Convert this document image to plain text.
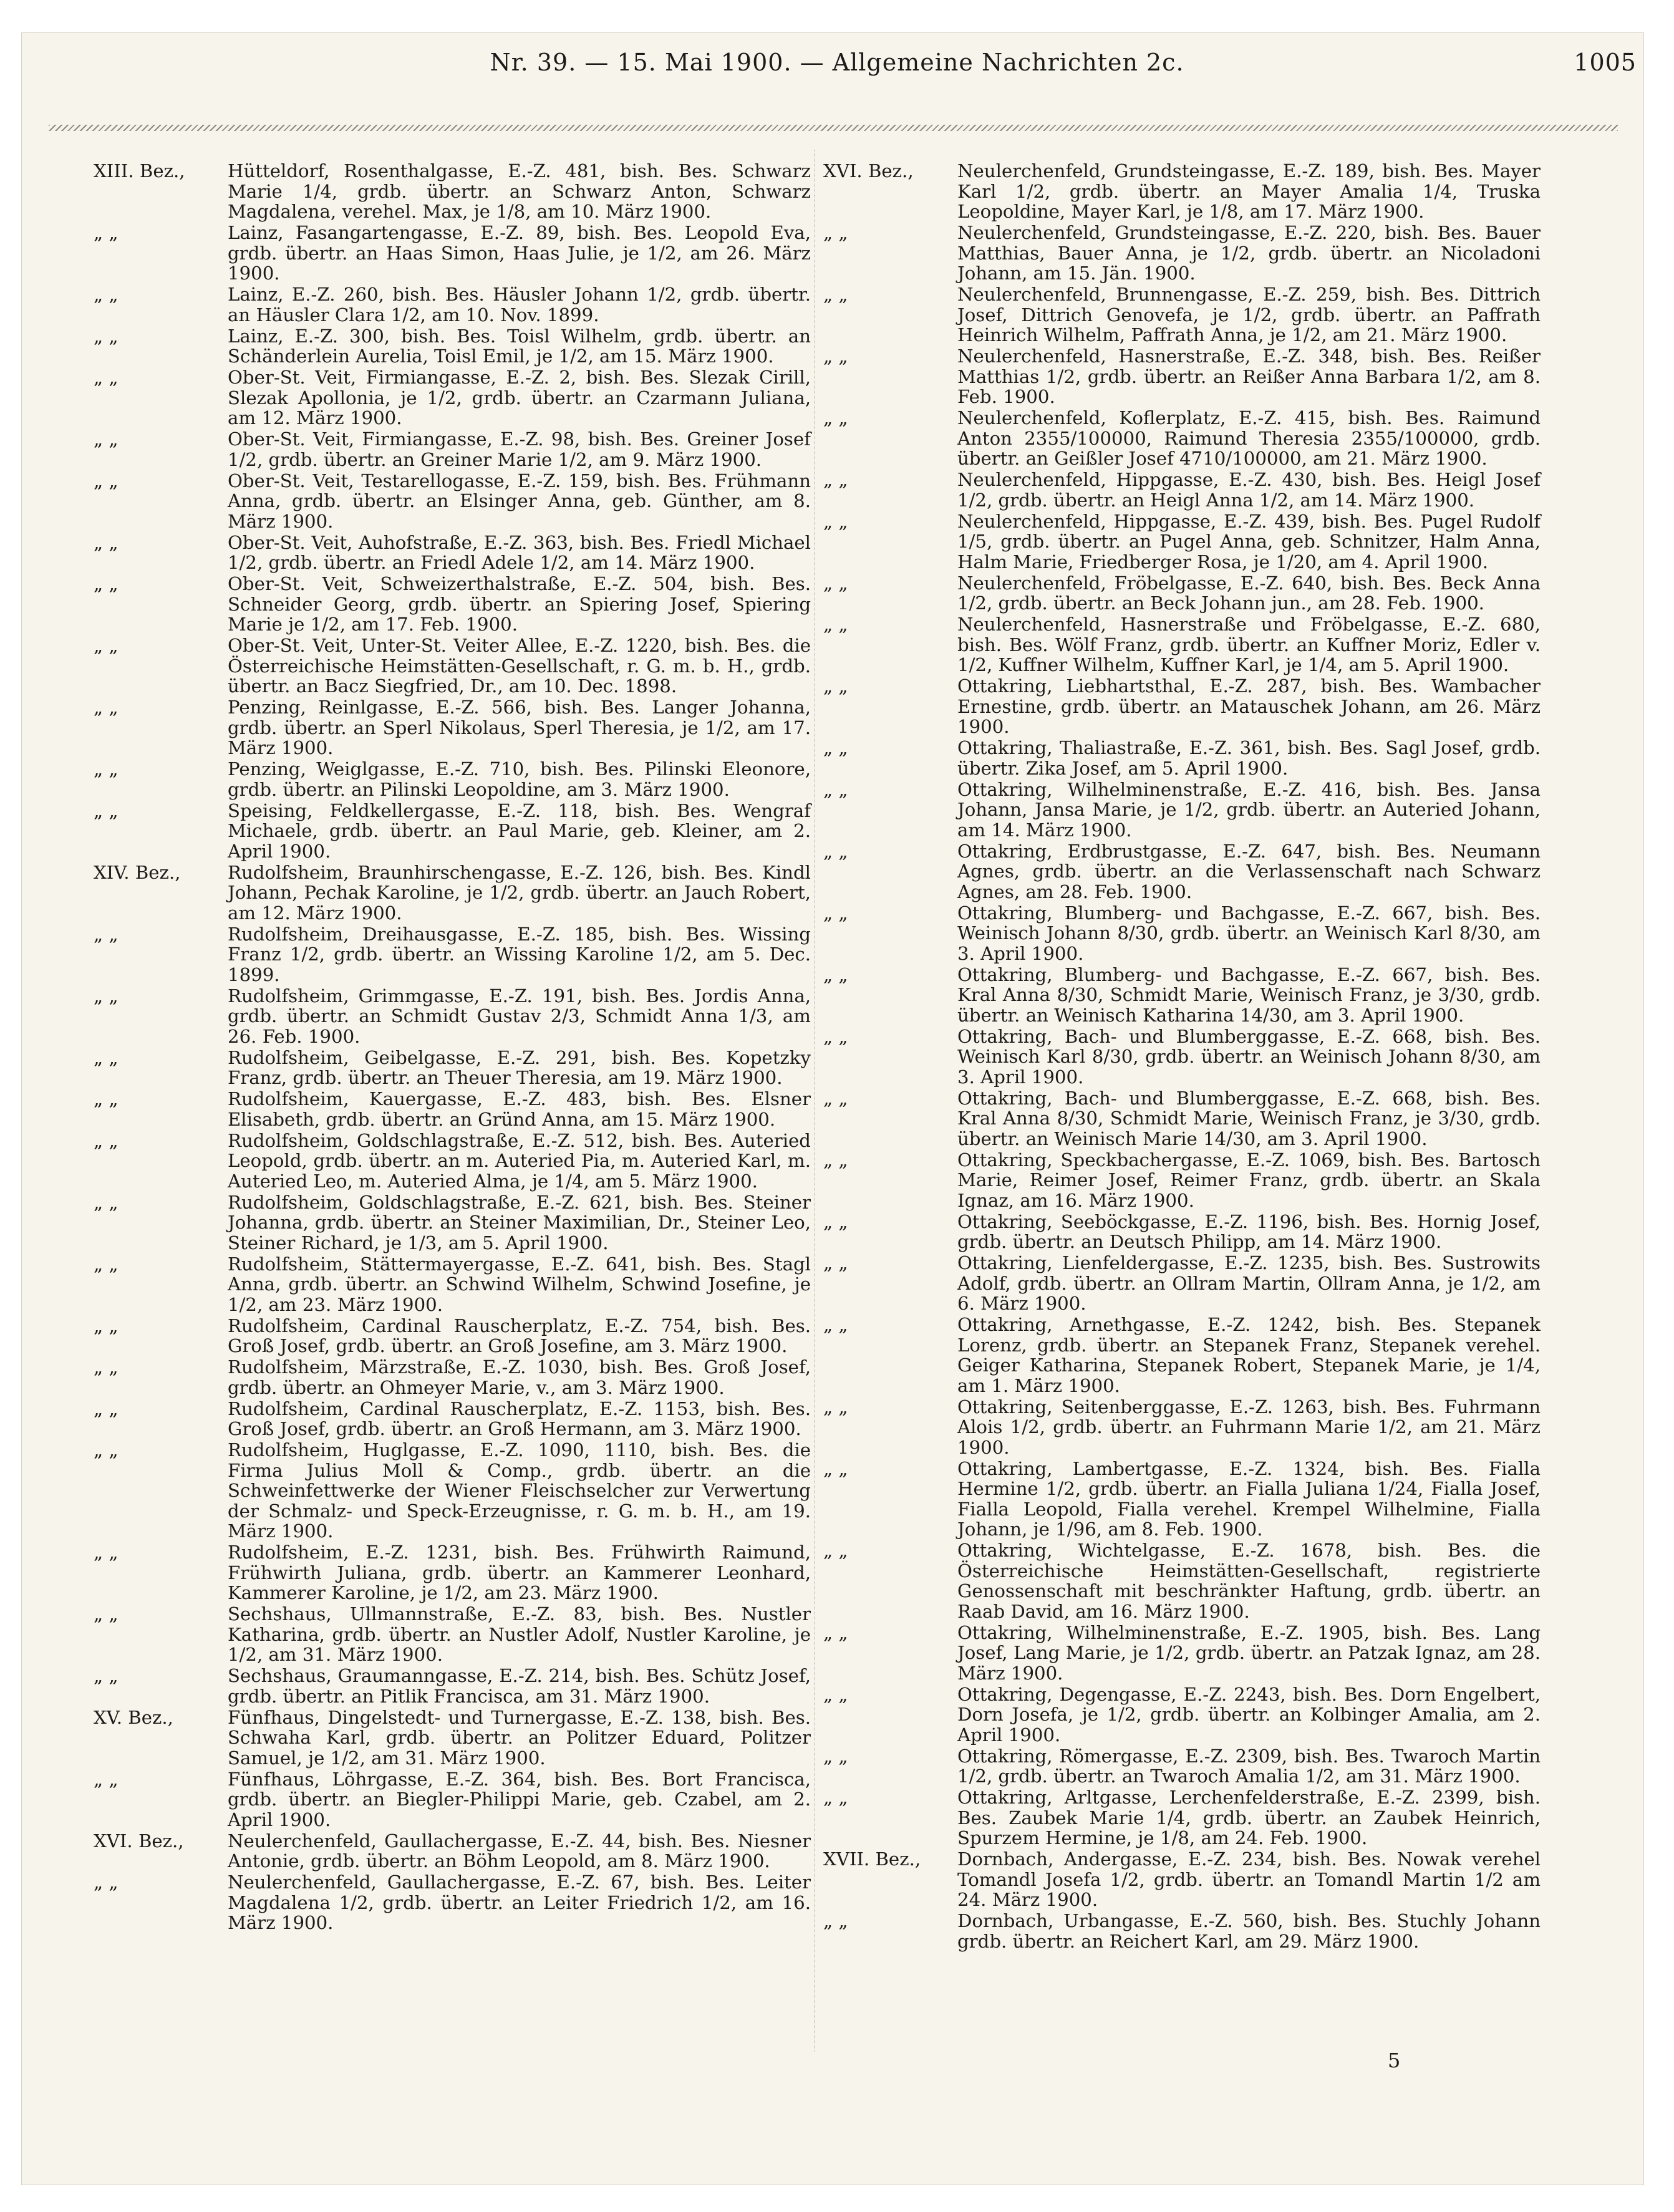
Nr. 39. — 15. Mai 1900. — Allgemeine Nachrichten 2c.	1005
XIII. Bez.,	Hütteldorf, Rosenthalgasse, E.-Z. 481, bish. Bes. Schwarz Marie 1/4, grdb. übertr. an Schwarz Anton, Schwarz Magdalena, verehel. Max, je 1/8, am 10. März 1900.
„ „	Lainz, Fasangartengasse, E.-Z. 89, bish. Bes. Leopold Eva, grdb. übertr. an Haas Simon, Haas Julie, je 1/2, am 26. März 1900.
„ „	Lainz, E.-Z. 260, bish. Bes. Häusler Johann 1/2, grdb. übertr. an Häusler Clara 1/2, am 10. Nov. 1899.
„ „	Lainz, E.-Z. 300, bish. Bes. Toisl Wilhelm, grdb. übertr. an Schänderlein Aurelia, Toisl Emil, je 1/2, am 15. März 1900.
„ „	Ober-St. Veit, Firmiangasse, E.-Z. 2, bish. Bes. Slezak Cirill, Slezak Apollonia, je 1/2, grdb. übertr. an Czarmann Juliana, am 12. März 1900.
„ „	Ober-St. Veit, Firmiangasse, E.-Z. 98, bish. Bes. Greiner Josef 1/2, grdb. übertr. an Greiner Marie 1/2, am 9. März 1900.
„ „	Ober-St. Veit, Testarellogasse, E.-Z. 159, bish. Bes. Frühmann Anna, grdb. übertr. an Elsinger Anna, geb. Günther, am 8. März 1900.
„ „	Ober-St. Veit, Auhofstraße, E.-Z. 363, bish. Bes. Friedl Michael 1/2, grdb. übertr. an Friedl Adele 1/2, am 14. März 1900.
„ „	Ober-St. Veit, Schweizerthalstraße, E.-Z. 504, bish. Bes. Schneider Georg, grdb. übertr. an Spiering Josef, Spiering Marie je 1/2, am 17. Feb. 1900.
„ „	Ober-St. Veit, Unter-St. Veiter Allee, E.-Z. 1220, bish. Bes. die Österreichische Heimstätten-Gesellschaft, r. G. m. b. H., grdb. übertr. an Bacz Siegfried, Dr., am 10. Dec. 1898.
„ „	Penzing, Reinlgasse, E.-Z. 566, bish. Bes. Langer Johanna, grdb. übertr. an Sperl Nikolaus, Sperl Theresia, je 1/2, am 17. März 1900.
„ „	Penzing, Weiglgasse, E.-Z. 710, bish. Bes. Pilinski Eleonore, grdb. übertr. an Pilinski Leopoldine, am 3. März 1900.
„ „	Speising, Feldkellergasse, E.-Z. 118, bish. Bes. Wengraf Michaele, grdb. übertr. an Paul Marie, geb. Kleiner, am 2. April 1900.
XIV. Bez.,	Rudolfsheim, Braunhirschengasse, E.-Z. 126, bish. Bes. Kindl Johann, Pechak Karoline, je 1/2, grdb. übertr. an Jauch Robert, am 12. März 1900.
„ „	Rudolfsheim, Dreihausgasse, E.-Z. 185, bish. Bes. Wissing Franz 1/2, grdb. übertr. an Wissing Karoline 1/2, am 5. Dec. 1899.
„ „	Rudolfsheim, Grimmgasse, E.-Z. 191, bish. Bes. Jordis Anna, grdb. übertr. an Schmidt Gustav 2/3, Schmidt Anna 1/3, am 26. Feb. 1900.
„ „	Rudolfsheim, Geibelgasse, E.-Z. 291, bish. Bes. Kopetzky Franz, grdb. übertr. an Theuer Theresia, am 19. März 1900.
„ „	Rudolfsheim, Kauergasse, E.-Z. 483, bish. Bes. Elsner Elisabeth, grdb. übertr. an Gründ Anna, am 15. März 1900.
„ „	Rudolfsheim, Goldschlagstraße, E.-Z. 512, bish. Bes. Auteried Leopold, grdb. übertr. an m. Auteried Pia, m. Auteried Karl, m. Auteried Leo, m. Auteried Alma, je 1/4, am 5. März 1900.
„ „	Rudolfsheim, Goldschlagstraße, E.-Z. 621, bish. Bes. Steiner Johanna, grdb. übertr. an Steiner Maximilian, Dr., Steiner Leo, Steiner Richard, je 1/3, am 5. April 1900.
„ „	Rudolfsheim, Stättermayergasse, E.-Z. 641, bish. Bes. Stagl Anna, grdb. übertr. an Schwind Wilhelm, Schwind Josefine, je 1/2, am 23. März 1900.
„ „	Rudolfsheim, Cardinal Rauscherplatz, E.-Z. 754, bish. Bes. Groß Josef, grdb. übertr. an Groß Josefine, am 3. März 1900.
„ „	Rudolfsheim, Märzstraße, E.-Z. 1030, bish. Bes. Groß Josef, grdb. übertr. an Ohmeyer Marie, v., am 3. März 1900.
„ „	Rudolfsheim, Cardinal Rauscherplatz, E.-Z. 1153, bish. Bes. Groß Josef, grdb. übertr. an Groß Hermann, am 3. März 1900.
„ „	Rudolfsheim, Huglgasse, E.-Z. 1090, 1110, bish. Bes. die Firma Julius Moll & Comp., grdb. übertr. an die Schweinfettwerke der Wiener Fleischselcher zur Verwertung der Schmalz- und Speck-Erzeugnisse, r. G. m. b. H., am 19. März 1900.
„ „	Rudolfsheim, E.-Z. 1231, bish. Bes. Frühwirth Raimund, Frühwirth Juliana, grdb. übertr. an Kammerer Leonhard, Kammerer Karoline, je 1/2, am 23. März 1900.
„ „	Sechshaus, Ullmannstraße, E.-Z. 83, bish. Bes. Nustler Katharina, grdb. übertr. an Nustler Adolf, Nustler Karoline, je 1/2, am 31. März 1900.
„ „	Sechshaus, Graumanngasse, E.-Z. 214, bish. Bes. Schütz Josef, grdb. übertr. an Pitlik Francisca, am 31. März 1900.
XV. Bez.,	Fünfhaus, Dingelstedt- und Turnergasse, E.-Z. 138, bish. Bes. Schwaha Karl, grdb. übertr. an Politzer Eduard, Politzer Samuel, je 1/2, am 31. März 1900.
„ „	Fünfhaus, Löhrgasse, E.-Z. 364, bish. Bes. Bort Francisca, grdb. übertr. an Biegler-Philippi Marie, geb. Czabel, am 2. April 1900.
XVI. Bez.,	Neulerchenfeld, Gaullachergasse, E.-Z. 44, bish. Bes. Niesner Antonie, grdb. übertr. an Böhm Leopold, am 8. März 1900.
„ „	Neulerchenfeld, Gaullachergasse, E.-Z. 67, bish. Bes. Leiter Magdalena 1/2, grdb. übertr. an Leiter Friedrich 1/2, am 16. März 1900.
XVI. Bez.,	Neulerchenfeld, Grundsteingasse, E.-Z. 189, bish. Bes. Mayer Karl 1/2, grdb. übertr. an Mayer Amalia 1/4, Truska Leopoldine, Mayer Karl, je 1/8, am 17. März 1900.
„ „	Neulerchenfeld, Grundsteingasse, E.-Z. 220, bish. Bes. Bauer Matthias, Bauer Anna, je 1/2, grdb. übertr. an Nicoladoni Johann, am 15. Jän. 1900.
„ „	Neulerchenfeld, Brunnengasse, E.-Z. 259, bish. Bes. Dittrich Josef, Dittrich Genovefa, je 1/2, grdb. übertr. an Paffrath Heinrich Wilhelm, Paffrath Anna, je 1/2, am 21. März 1900.
„ „	Neulerchenfeld, Hasnerstraße, E.-Z. 348, bish. Bes. Reißer Matthias 1/2, grdb. übertr. an Reißer Anna Barbara 1/2, am 8. Feb. 1900.
„ „	Neulerchenfeld, Koflerplatz, E.-Z. 415, bish. Bes. Raimund Anton 2355/100000, Raimund Theresia 2355/100000, grdb. übertr. an Geißler Josef 4710/100000, am 21. März 1900.
„ „	Neulerchenfeld, Hippgasse, E.-Z. 430, bish. Bes. Heigl Josef 1/2, grdb. übertr. an Heigl Anna 1/2, am 14. März 1900.
„ „	Neulerchenfeld, Hippgasse, E.-Z. 439, bish. Bes. Pugel Rudolf 1/5, grdb. übertr. an Pugel Anna, geb. Schnitzer, Halm Anna, Halm Marie, Friedberger Rosa, je 1/20, am 4. April 1900.
„ „	Neulerchenfeld, Fröbelgasse, E.-Z. 640, bish. Bes. Beck Anna 1/2, grdb. übertr. an Beck Johann jun., am 28. Feb. 1900.
„ „	Neulerchenfeld, Hasnerstraße und Fröbelgasse, E.-Z. 680, bish. Bes. Wölf Franz, grdb. übertr. an Kuffner Moriz, Edler v. 1/2, Kuffner Wilhelm, Kuffner Karl, je 1/4, am 5. April 1900.
„ „	Ottakring, Liebhartsthal, E.-Z. 287, bish. Bes. Wambacher Ernestine, grdb. übertr. an Matauschek Johann, am 26. März 1900.
„ „	Ottakring, Thaliastraße, E.-Z. 361, bish. Bes. Sagl Josef, grdb. übertr. Zika Josef, am 5. April 1900.
„ „	Ottakring, Wilhelminenstraße, E.-Z. 416, bish. Bes. Jansa Johann, Jansa Marie, je 1/2, grdb. übertr. an Auteried Johann, am 14. März 1900.
„ „	Ottakring, Erdbrustgasse, E.-Z. 647, bish. Bes. Neumann Agnes, grdb. übertr. an die Verlassenschaft nach Schwarz Agnes, am 28. Feb. 1900.
„ „	Ottakring, Blumberg- und Bachgasse, E.-Z. 667, bish. Bes. Weinisch Johann 8/30, grdb. übertr. an Weinisch Karl 8/30, am 3. April 1900.
„ „	Ottakring, Blumberg- und Bachgasse, E.-Z. 667, bish. Bes. Kral Anna 8/30, Schmidt Marie, Weinisch Franz, je 3/30, grdb. übertr. an Weinisch Katharina 14/30, am 3. April 1900.
„ „	Ottakring, Bach- und Blumberggasse, E.-Z. 668, bish. Bes. Weinisch Karl 8/30, grdb. übertr. an Weinisch Johann 8/30, am 3. April 1900.
„ „	Ottakring, Bach- und Blumberggasse, E.-Z. 668, bish. Bes. Kral Anna 8/30, Schmidt Marie, Weinisch Franz, je 3/30, grdb. übertr. an Weinisch Marie 14/30, am 3. April 1900.
„ „	Ottakring, Speckbachergasse, E.-Z. 1069, bish. Bes. Bartosch Marie, Reimer Josef, Reimer Franz, grdb. übertr. an Skala Ignaz, am 16. März 1900.
„ „	Ottakring, Seeböckgasse, E.-Z. 1196, bish. Bes. Hornig Josef, grdb. übertr. an Deutsch Philipp, am 14. März 1900.
„ „	Ottakring, Lienfeldergasse, E.-Z. 1235, bish. Bes. Sustrowits Adolf, grdb. übertr. an Ollram Martin, Ollram Anna, je 1/2, am 6. März 1900.
„ „	Ottakring, Arnethgasse, E.-Z. 1242, bish. Bes. Stepanek Lorenz, grdb. übertr. an Stepanek Franz, Stepanek verehel. Geiger Katharina, Stepanek Robert, Stepanek Marie, je 1/4, am 1. März 1900.
„ „	Ottakring, Seitenberggasse, E.-Z. 1263, bish. Bes. Fuhrmann Alois 1/2, grdb. übertr. an Fuhrmann Marie 1/2, am 21. März 1900.
„ „	Ottakring, Lambertgasse, E.-Z. 1324, bish. Bes. Fialla Hermine 1/2, grdb. übertr. an Fialla Juliana 1/24, Fialla Josef, Fialla Leopold, Fialla verehel. Krempel Wilhelmine, Fialla Johann, je 1/96, am 8. Feb. 1900.
„ „	Ottakring, Wichtelgasse, E.-Z. 1678, bish. Bes. die Österreichische Heimstätten-Gesellschaft, registrierte Genossenschaft mit beschränkter Haftung, grdb. übertr. an Raab David, am 16. März 1900.
„ „	Ottakring, Wilhelminenstraße, E.-Z. 1905, bish. Bes. Lang Josef, Lang Marie, je 1/2, grdb. übertr. an Patzak Ignaz, am 28. März 1900.
„ „	Ottakring, Degengasse, E.-Z. 2243, bish. Bes. Dorn Engelbert, Dorn Josefa, je 1/2, grdb. übertr. an Kolbinger Amalia, am 2. April 1900.
„ „	Ottakring, Römergasse, E.-Z. 2309, bish. Bes. Twaroch Martin 1/2, grdb. übertr. an Twaroch Amalia 1/2, am 31. März 1900.
„ „	Ottakring, Arltgasse, Lerchenfelderstraße, E.-Z. 2399, bish. Bes. Zaubek Marie 1/4, grdb. übertr. an Zaubek Heinrich, Spurzem Hermine, je 1/8, am 24. Feb. 1900.
XVII. Bez.,	Dornbach, Andergasse, E.-Z. 234, bish. Bes. Nowak verehel Tomandl Josefa 1/2, grdb. übertr. an Tomandl Martin 1/2 am 24. März 1900.
„ „	Dornbach, Urbangasse, E.-Z. 560, bish. Bes. Stuchly Johann grdb. übertr. an Reichert Karl, am 29. März 1900.
5
